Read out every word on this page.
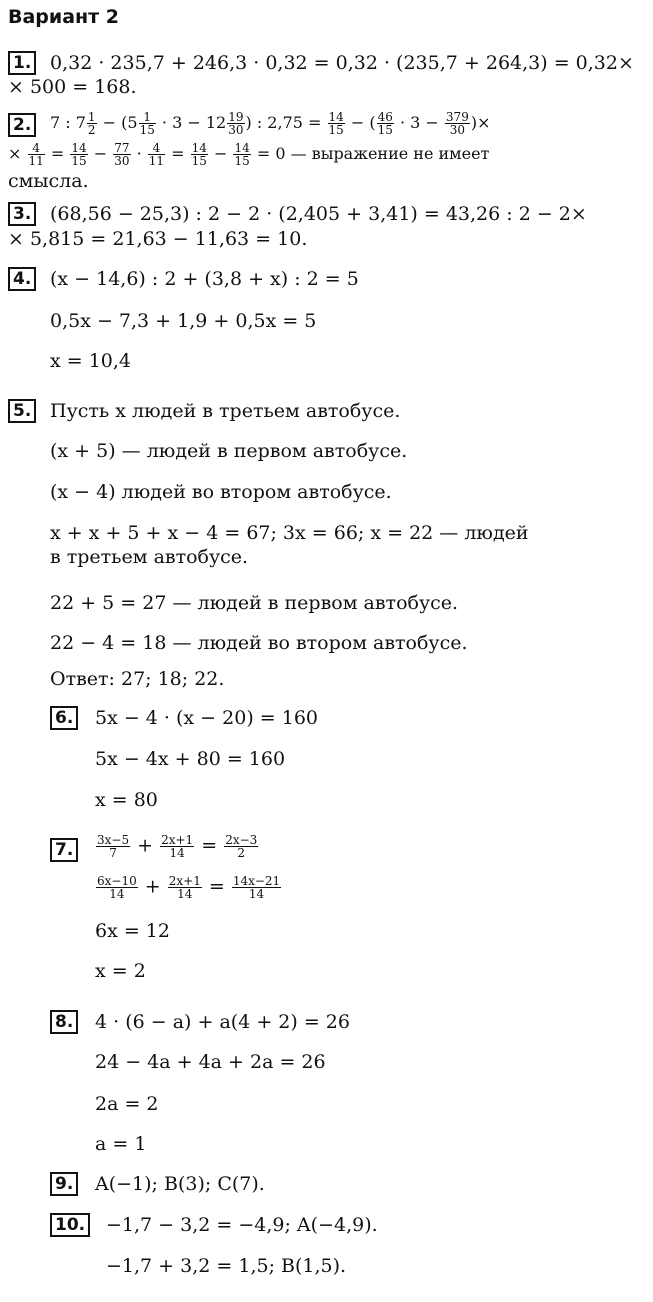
Вариант 2
1. 0,32 · 235,7 + 246,3 · 0,32 = 0,32 · (235,7 + 264,3) = 0,32×
× 500 = 168.
2.	7 : $7 \frac{1}{2} - (5 \frac{1}{15} \cdot 3 - 12 \frac{19}{30}$ ) : $2,75 = \frac{14}{15}$ − ( $\frac{46}{15} \cdot 3 - \frac{379}{30}$ )×
× $\frac{4}{11} = \frac{14}{15} - \frac{77}{30} \cdot \frac{4}{11} = \frac{14}{15} - \frac{14}{15} = 0$ — выражение не имеет
смысла.
3. (68,56 − 25,3) : 2 − 2 · (2,405 + 3,41) = 43,26 : 2 − 2×
× 5,815 = 21,63 − 11,63 = 10.
4. (x − 14,6) : 2 + (3,8 + x) : 2 = 5
0,5x − 7,3 + 1,9 + 0,5x = 5
x = 10,4
5. Пусть x людей в третьем автобусе.
(x + 5) — людей в первом автобусе.
(x − 4) людей во втором автобусе.
x + x + 5 + x − 4 = 67; 3x = 66; x = 22 — людей
в третьем автобусе.
22 + 5 = 27 — людей в первом автобусе.
22 − 4 = 18 — людей во втором автобусе.
Ответ: 27; 18; 22.
6. 5x − 4 · (x − 20) = 160
5x − 4x + 80 = 160
x = 80
7.	$\frac{3x-5}{7} + \frac{2x+1}{14} = \frac{2x-3}{2}$
$\frac{6x-10}{14} + \frac{2x+1}{14} = \frac{14x-21}{14}$
6x = 12
x = 2
8. 4 · (6 − a) + a(4 + 2) = 26
24 − 4a + 4a + 2a = 26
2a = 2
a = 1
9. A(−1); B(3); C(7).
10. −1,7 − 3,2 = −4,9; A(−4,9).
−1,7 + 3,2 = 1,5; B(1,5).
